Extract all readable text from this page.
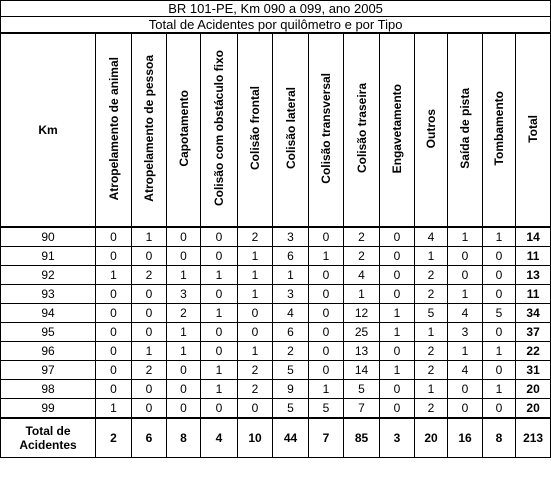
BR 101-PE, Km 090 a 099, ano 2005													
Total de Acidentes por quilômetro e por Tipo													
Km	Atropelamento de animal	Atropelamento de pessoa	Capotamento	Colisão com obstáculo fixo	Colisão frontal	Colisão lateral	Colisão transversal	Colisão traseira	Engavetamento	Outros	Saída de pista	Tombamento	Total
90	0	1	0	0	2	3	0	2	0	4	1	1	14
91	0	0	0	0	1	6	1	2	0	1	0	0	11
92	1	2	1	1	1	1	0	4	0	2	0	0	13
93	0	0	3	0	1	3	0	1	0	2	1	0	11
94	0	0	2	1	0	4	0	12	1	5	4	5	34
95	0	0	1	0	0	6	0	25	1	1	3	0	37
96	0	1	1	0	1	2	0	13	0	2	1	1	22
97	0	2	0	1	2	5	0	14	1	2	4	0	31
98	0	0	0	1	2	9	1	5	0	1	0	1	20
99	1	0	0	0	0	5	5	7	0	2	0	0	20
Total de
Acidentes	2	6	8	4	10	44	7	85	3	20	16	8	213
